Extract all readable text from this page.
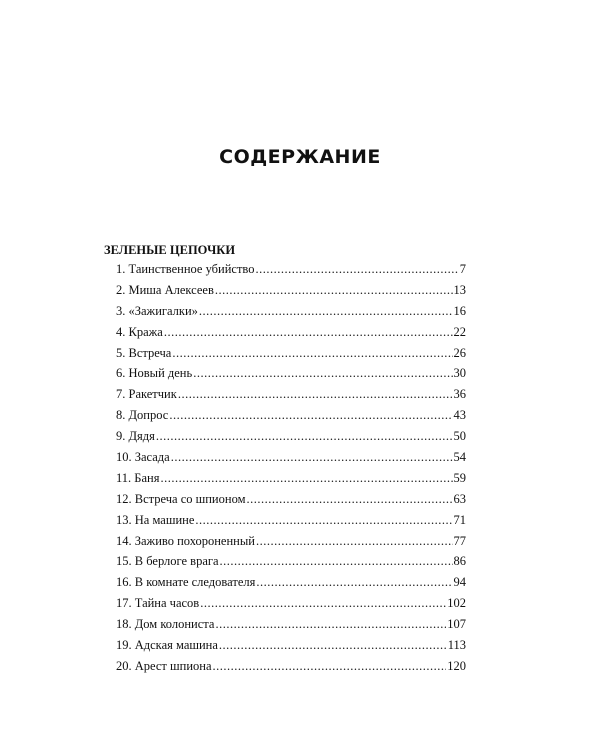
СОДЕРЖАНИЕ
ЗЕЛЕНЫЕ ЦЕПОЧКИ
1. Таинственное убийство .....	7
2. Миша Алексеев .....	13
3. «Зажигалки» .....	16
4. Кража .....	22
5. Встреча .....	26
6. Новый день .....	30
7. Ракетчик .....	36
8. Допрос .....	43
9. Дядя .....	50
10. Засада .....	54
11. Баня .....	59
12. Встреча со шпионом .....	63
13. На машине .....	71
14. Заживо похороненный .....	77
15. В берлоге врага .....	86
16. В комнате следователя .....	94
17. Тайна часов .....	102
18. Дом колониста .....	107
19. Адская машина .....	113
20. Арест шпиона .....	120
